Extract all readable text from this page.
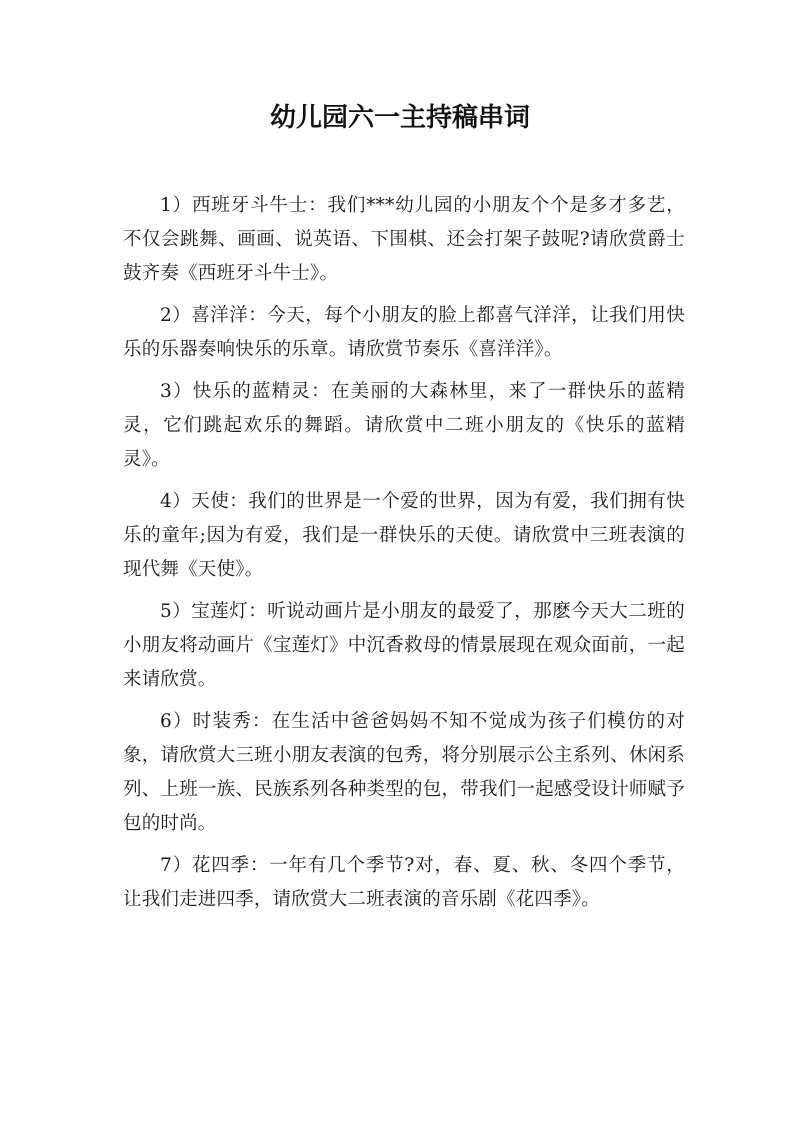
幼儿园六一主持稿串词

1）西班牙斗牛士：我们***幼儿园的小朋友个个是多才多艺，不仅会跳舞、画画、说英语、下围棋、还会打架子鼓呢?请欣赏爵士鼓齐奏《西班牙斗牛士》。

2）喜洋洋：今天，每个小朋友的脸上都喜气洋洋，让我们用快乐的乐器奏响快乐的乐章。请欣赏节奏乐《喜洋洋》。

3）快乐的蓝精灵：在美丽的大森林里，来了一群快乐的蓝精灵，它们跳起欢乐的舞蹈。请欣赏中二班小朋友的《快乐的蓝精灵》。

4）天使：我们的世界是一个爱的世界，因为有爱，我们拥有快乐的童年;因为有爱，我们是一群快乐的天使。请欣赏中三班表演的现代舞《天使》。

5）宝莲灯：听说动画片是小朋友的最爱了，那麽今天大二班的小朋友将动画片《宝莲灯》中沉香救母的情景展现在观众面前，一起来请欣赏。

6）时装秀：在生活中爸爸妈妈不知不觉成为孩子们模仿的对象，请欣赏大三班小朋友表演的包秀，将分别展示公主系列、休闲系列、上班一族、民族系列各种类型的包，带我们一起感受设计师赋予包的时尚。

7）花四季：一年有几个季节?对，春、夏、秋、冬四个季节，让我们走进四季，请欣赏大二班表演的音乐剧《花四季》。
